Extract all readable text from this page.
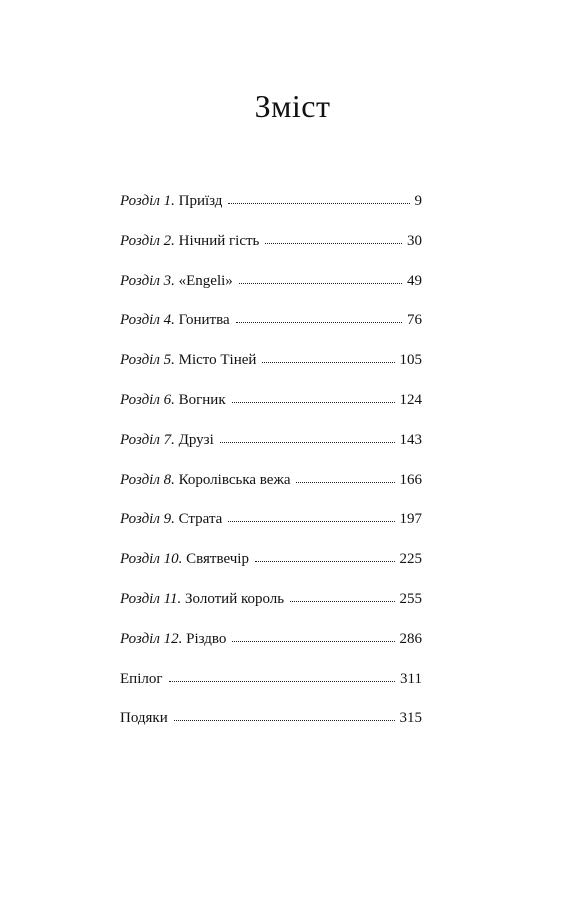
Зміст
Розділ 1. Приїзд	9
Розділ 2. Нічний гість	30
Розділ 3. «Engeli»	49
Розділ 4. Гонитва	76
Розділ 5. Місто Тіней	105
Розділ 6. Вогник	124
Розділ 7. Друзі	143
Розділ 8. Королівська вежа	166
Розділ 9. Страта	197
Розділ 10. Святвечір	225
Розділ 11. Золотий король	255
Розділ 12. Різдво	286
Епілог	311
Подяки	315
